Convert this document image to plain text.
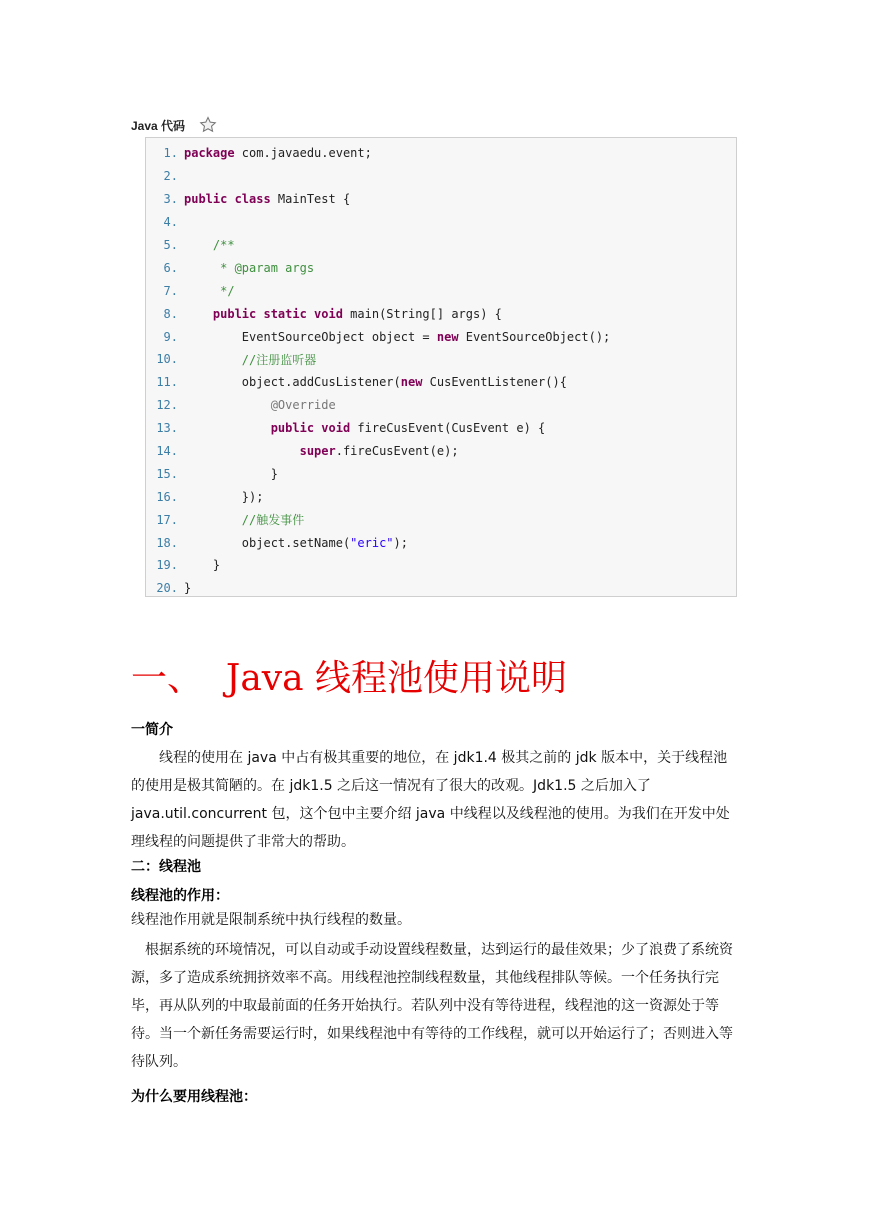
Java 代码
1. package com.javaedu.event;
2.
3. public class MainTest {
4.
5.	/**
6.	* @param args
7.	*/
8.	public static void main(String[] args) {
9. EventSourceObject object = new EventSourceObject();
10.	//注册监听器
11. object.addCusListener(new CusEventListener(){
12.	@Override
13.	public void fireCusEvent(CusEvent e) {
14.	super.fireCusEvent(e);
15. }
16. });
17.	//触发事件
18. object.setName("eric");
19. }
20. }
一、  Java 线程池使用说明
一简介
　　线程的使用在 java 中占有极其重要的地位，在 jdk1.4 极其之前的 jdk 版本中，关于线程池的使用是极其简陋的。在 jdk1.5 之后这一情况有了很大的改观。Jdk1.5 之后加入了 java.util.concurrent 包，这个包中主要介绍 java 中线程以及线程池的使用。为我们在开发中处理线程的问题提供了非常大的帮助。
二：线程池
线程池的作用：
线程池作用就是限制系统中执行线程的数量。
　根据系统的环境情况，可以自动或手动设置线程数量，达到运行的最佳效果；少了浪费了系统资源，多了造成系统拥挤效率不高。用线程池控制线程数量，其他线程排队等候。一个任务执行完毕，再从队列的中取最前面的任务开始执行。若队列中没有等待进程，线程池的这一资源处于等待。当一个新任务需要运行时，如果线程池中有等待的工作线程，就可以开始运行了；否则进入等待队列。
为什么要用线程池：
